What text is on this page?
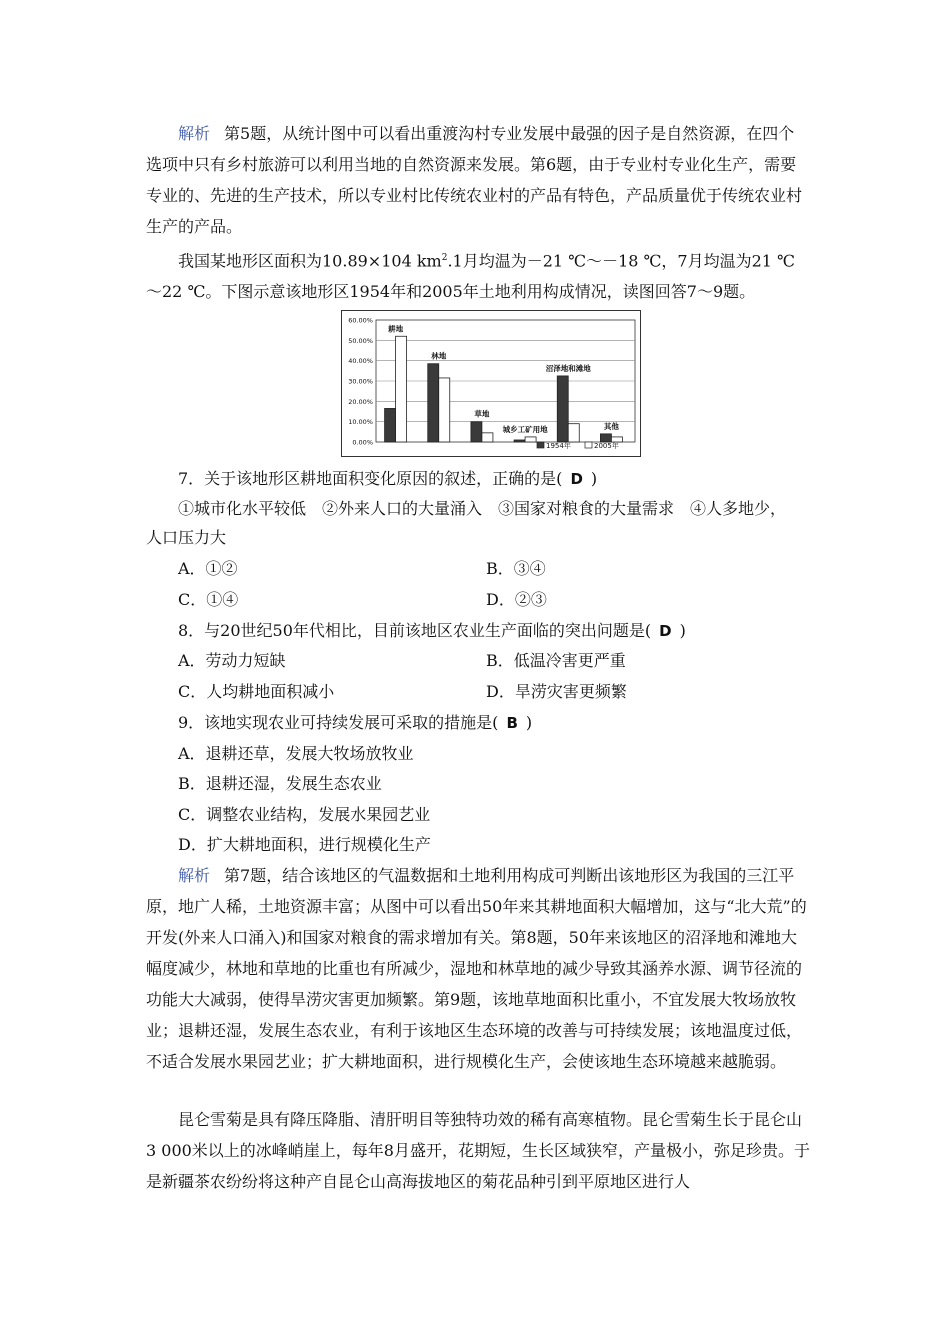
解析 第5题，从统计图中可以看出重渡沟村专业发展中最强的因子是自然资源，在四个选项中只有乡村旅游可以利用当地的自然资源来发展。第6题，由于专业村专业化生产，需要专业的、先进的生产技术，所以专业村比传统农业村的产品有特色，产品质量优于传统农业村生产的产品。

我国某地形区面积为10.89×104 $km^2.1$月均温为－21 ℃～－18 ℃，7月均温为21 ℃～22 ℃。下图示意该地形区1954年和2005年土地利用构成情况，读图回答7～9题。

0.00%
10.00%
20.00%
30.00%
40.00%
50.00%
60.00%
耕地
林地
草地
城乡工矿用地
沼泽地和滩地
其他
1954年	2005年
7．关于该地形区耕地面积变化原因的叙述，正确的是( D )
①城市化水平较低　②外来人口的大量涌入　③国家对粮食的大量需求　④人多地少，
人口压力大
A．①②	B．③④
C．①④	D．②③
8．与20世纪50年代相比，目前该地区农业生产面临的突出问题是( D )
A．劳动力短缺	B．低温冷害更严重
C．人均耕地面积减小	D．旱涝灾害更频繁
9．该地实现农业可持续发展可采取的措施是( B )
A．退耕还草，发展大牧场放牧业
B．退耕还湿，发展生态农业
C．调整农业结构，发展水果园艺业
D．扩大耕地面积，进行规模化生产

解析 第7题，结合该地区的气温数据和土地利用构成可判断出该地形区为我国的三江平原，地广人稀，土地资源丰富；从图中可以看出50年来其耕地面积大幅增加，这与“北大荒”的开发(外来人口涌入)和国家对粮食的需求增加有关。第8题，50年来该地区的沼泽地和滩地大幅度减少，林地和草地的比重也有所减少，湿地和林草地的减少导致其涵养水源、调节径流的功能大大减弱，使得旱涝灾害更加频繁。第9题，该地草地面积比重小，不宜发展大牧场放牧业；退耕还湿，发展生态农业，有利于该地区生态环境的改善与可持续发展；该地温度过低，不适合发展水果园艺业；扩大耕地面积，进行规模化生产，会使该地生态环境越来越脆弱。

昆仑雪菊是具有降压降脂、清肝明目等独特功效的稀有高寒植物。昆仑雪菊生长于昆仑山3 000米以上的冰峰峭崖上，每年8月盛开，花期短，生长区域狭窄，产量极小，弥足珍贵。于是新疆茶农纷纷将这种产自昆仑山高海拔地区的菊花品种引到平原地区进行人
